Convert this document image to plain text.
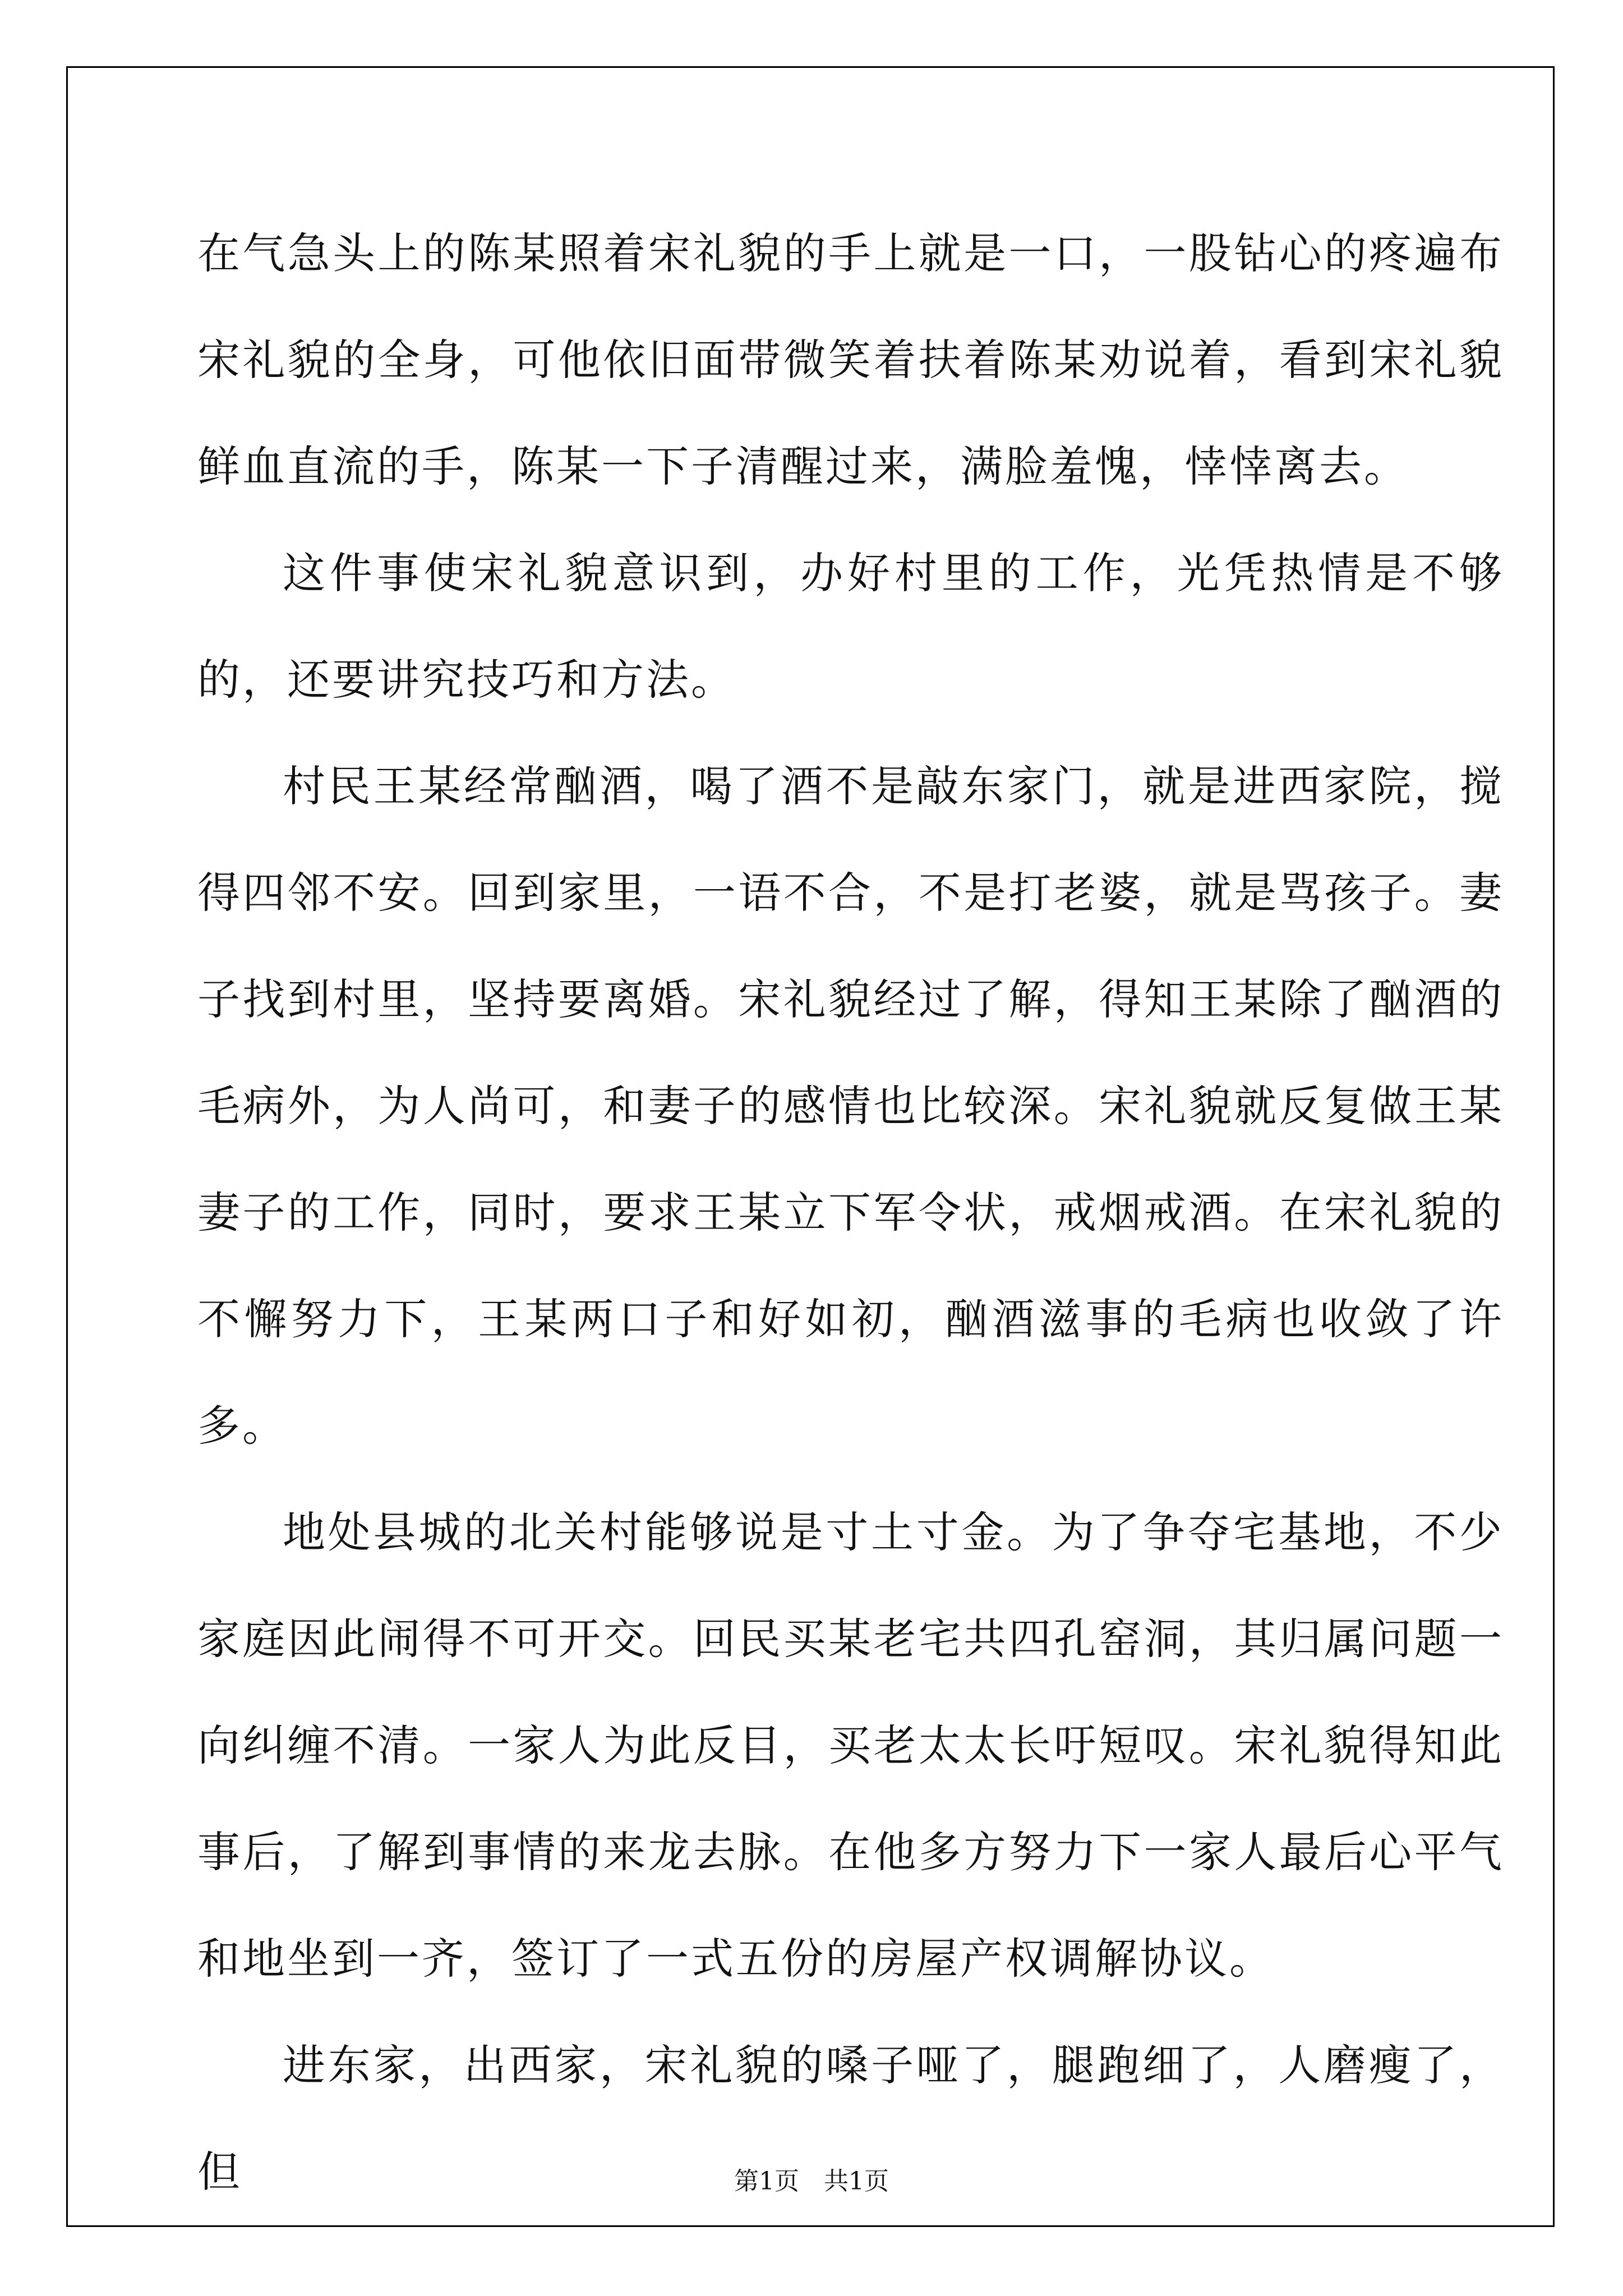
在气急头上的陈某照着宋礼貌的手上就是一口，一股钻心的疼遍布宋礼貌的全身，可他依旧面带微笑着扶着陈某劝说着，看到宋礼貌鲜血直流的手，陈某一下子清醒过来，满脸羞愧，悻悻离去。

这件事使宋礼貌意识到，办好村里的工作，光凭热情是不够的，还要讲究技巧和方法。

村民王某经常酗酒，喝了酒不是敲东家门，就是进西家院，搅得四邻不安。回到家里，一语不合，不是打老婆，就是骂孩子。妻子找到村里，坚持要离婚。宋礼貌经过了解，得知王某除了酗酒的毛病外，为人尚可，和妻子的感情也比较深。宋礼貌就反复做王某妻子的工作，同时，要求王某立下军令状，戒烟戒酒。在宋礼貌的不懈努力下，王某两口子和好如初，酗酒滋事的毛病也收敛了许多。

地处县城的北关村能够说是寸土寸金。为了争夺宅基地，不少家庭因此闹得不可开交。回民买某老宅共四孔窑洞，其归属问题一向纠缠不清。一家人为此反目，买老太太长吁短叹。宋礼貌得知此事后，了解到事情的来龙去脉。在他多方努力下一家人最后心平气和地坐到一齐，签订了一式五份的房屋产权调解协议。

进东家，出西家，宋礼貌的嗓子哑了，腿跑细了，人磨瘦了，但	第1页　共1页
